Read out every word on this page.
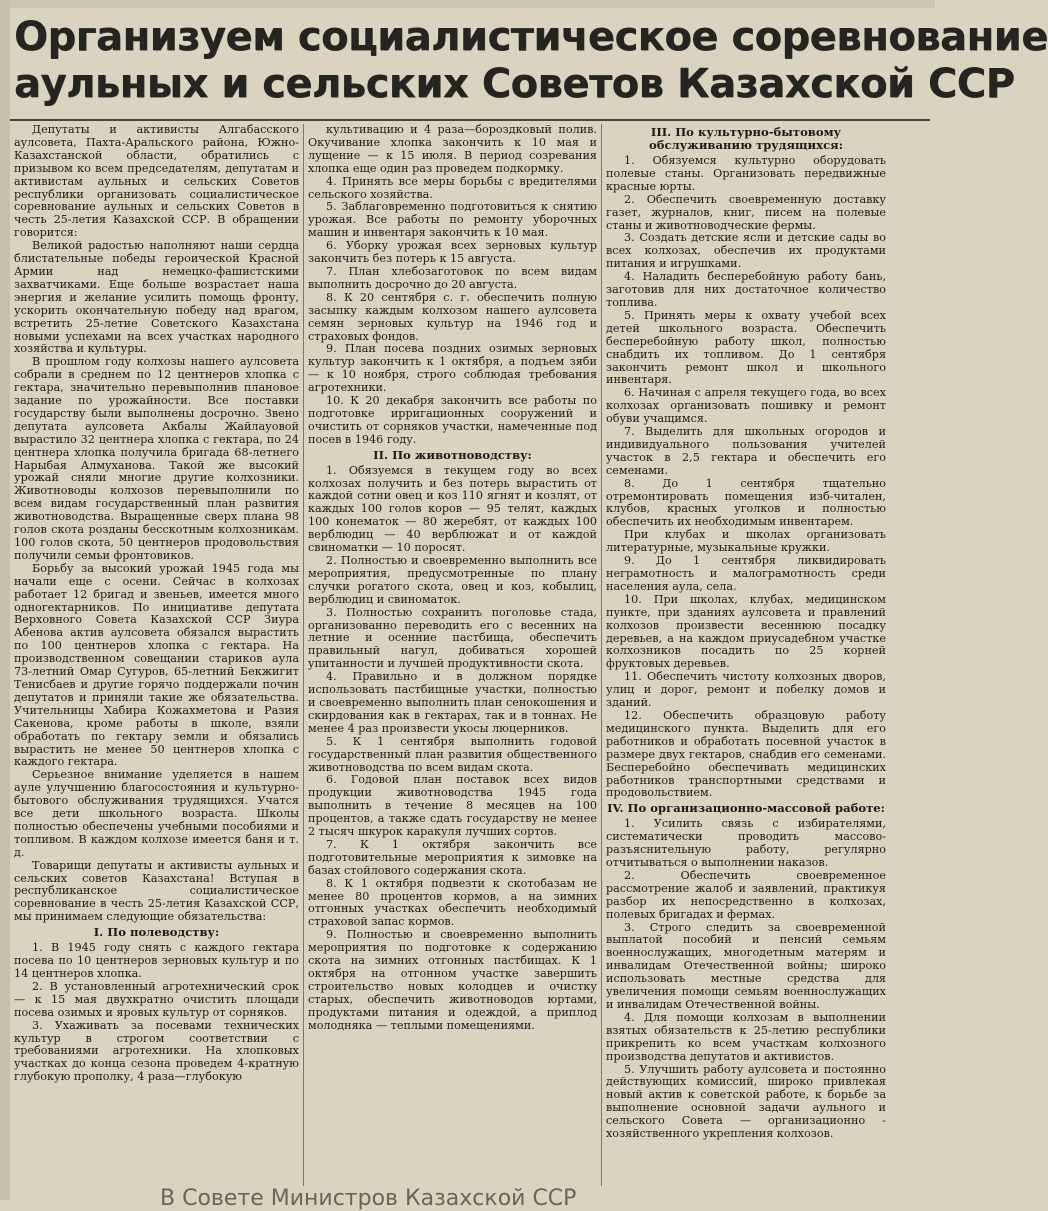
Организуем социалистическое соревнование
аульных и сельских Советов Казахской ССР

Депутаты и активисты Алгабасского аулсовета, Пахта-Аральского района, Южно-Казахстанской области, обратились с призывом ко всем председателям, депутатам и активистам аульных и сельских Советов республики организовать социалистическое соревнование аульных и сельских Советов в честь 25-летия Казахской ССР. В обращении говорится:

Великой радостью наполняют наши сердца блистательные победы героической Красной Армии над немецко-фашистскими захватчиками. Еще больше возрастает наша энергия и желание усилить помощь фронту, ускорить окончательную победу над врагом, встретить 25-летие Советского Казахстана новыми успехами на всех участках народного хозяйства и культуры.

В прошлом году колхозы нашего аулсовета собрали в среднем по 12 центнеров хлопка с гектара, значительно перевыполнив плановое задание по урожайности. Все поставки государству были выполнены досрочно. Звено депутата аулсовета Акбалы Жайлауовой вырастило 32 центнера хлопка с гектара, по 24 центнера хлопка получила бригада 68-летнего Нарыбая Алмуханова. Такой же высокий урожай сняли многие другие колхозники. Животноводы колхозов перевыполнили по всем видам государственный план развития животноводства. Выращенные сверх плана 98 голов скота розданы бесскотным колхозникам. 100 голов скота, 50 центнеров продовольствия получили семьи фронтовиков.

Борьбу за высокий урожай 1945 года мы начали еще с осени. Сейчас в колхозах работает 12 бригад и звеньев, имеется много одногектарников. По инициативе депутата Верховного Совета Казахской ССР Зиура Абенова актив аулсовета обязался вырастить по 100 центнеров хлопка с гектара. На производственном совещании стариков аула 73-летний Омар Сугуров, 65-летний Бекжигит Тенисбаев и другие горячо поддержали почин депутатов и приняли такие же обязательства. Учительницы Хабира Кожахметова и Разия Сакенова, кроме работы в школе, взяли обработать по гектару земли и обязались вырастить не менее 50 центнеров хлопка с каждого гектара.

Серьезное внимание уделяется в нашем ауле улучшению благосостояния и культурно-бытового обслуживания трудящихся. Учатся все дети школьного возраста. Школы полностью обеспечены учебными пособиями и топливом. В каждом колхозе имеется баня и т. д.

Товарищи депутаты и активисты аульных и сельских советов Казахстана! Вступая в республиканское социалистическое соревнование в честь 25-летия Казахской ССР, мы принимаем следующие обязательства:

I. По полеводству:

1. В 1945 году снять с каждого гектара посева по 10 центнеров зерновых культур и по 14 центнеров хлопка.

2. В установленный агротехнический срок — к 15 мая двухкратно очистить площади посева озимых и яровых культур от сорняков.

3. Ухаживать за посевами технических культур в строгом соответствии с требованиями агротехники. На хлопковых участках до конца сезона проведем 4-кратную глубокую прополку, 4 раза—глубокую

культивацию и 4 раза—бороздковый полив. Окучивание хлопка закончить к 10 мая и лущение — к 15 июля. В период созревания хлопка еще один раз проведем подкормку.

4. Принять все меры борьбы с вредителями сельского хозяйства.

5. Заблаговременно подготовиться к снятию урожая. Все работы по ремонту уборочных машин и инвентаря закончить к 10 мая.

6. Уборку урожая всех зерновых культур закончить без потерь к 15 августа.

7. План хлебозаготовок по всем видам выполнить досрочно до 20 августа.

8. К 20 сентября с. г. обеспечить полную засыпку каждым колхозом нашего аулсовета семян зерновых культур на 1946 год и страховых фондов.

9. План посева поздних озимых зерновых культур закончить к 1 октября, а подъем зяби — к 10 ноября, строго соблюдая требования агротехники.

10. К 20 декабря закончить все работы по подготовке ирригационных сооружений и очистить от сорняков участки, намеченные под посев в 1946 году.

II. По животноводству:

1. Обязуемся в текущем году во всех колхозах получить и без потерь вырастить от каждой сотни овец и коз 110 ягнят и козлят, от каждых 100 голов коров — 95 телят, каждых 100 конематок — 80 жеребят, от каждых 100 верблюдиц — 40 верблюжат и от каждой свиноматки — 10 поросят.

2. Полностью и своевременно выполнить все мероприятия, предусмотренные по плану случки рогатого скота, овец и коз, кобылиц, верблюдиц и свиноматок.

3. Полностью сохранить поголовье стада, организованно переводить его с весенних на летние и осенние пастбища, обеспечить правильный нагул, добиваться хорошей упитанности и лучшей продуктивности скота.

4. Правильно и в должном порядке использовать пастбищные участки, полностью и своевременно выполнить план сенокошения и скирдования как в гектарах, так и в тоннах. Не менее 4 раз произвести укосы люцерников.

5. К 1 сентября выполнить годовой государственный план развития общественного животноводства по всем видам скота.

6. Годовой план поставок всех видов продукции животноводства 1945 года выполнить в течение 8 месяцев на 100 процентов, а также сдать государству не менее 2 тысяч шкурок каракуля лучших сортов.

7. К 1 октября закончить все подготовительные мероприятия к зимовке на базах стойлового содержания скота.

8. К 1 октября подвезти к скотобазам не менее 80 процентов кормов, а на зимних отгонных участках обеспечить необходимый страховой запас кормов.

9. Полностью и своевременно выполнить мероприятия по подготовке к содержанию скота на зимних отгонных пастбищах. К 1 октября на отгонном участке завершить строительство новых колодцев и очистку старых, обеспечить животноводов юртами, продуктами питания и одеждой, а приплод молодняка — теплыми помещениями.

III. По культурно-бытовому обслуживанию трудящихся:

1. Обязуемся культурно оборудовать полевые станы. Организовать передвижные красные юрты.

2. Обеспечить своевременную доставку газет, журналов, книг, писем на полевые станы и животноводческие фермы.

3. Создать детские ясли и детские сады во всех колхозах, обеспечив их продуктами питания и игрушками.

4. Наладить бесперебойную работу бань, заготовив для них достаточное количество топлива.

5. Принять меры к охвату учебой всех детей школьного возраста. Обеспечить бесперебойную работу школ, полностью снабдить их топливом. До 1 сентября закончить ремонт школ и школьного инвентаря.

6. Начиная с апреля текущего года, во всех колхозах организовать пошивку и ремонт обуви учащимся.

7. Выделить для школьных огородов и индивидуального пользования учителей участок в 2,5 гектара и обеспечить его семенами.

8. До 1 сентября тщательно отремонтировать помещения изб-читален, клубов, красных уголков и полностью обеспечить их необходимым инвентарем.

При клубах и школах организовать литературные, музыкальные кружки.

9. До 1 сентября ликвидировать неграмотность и малограмотность среди населения аула, села.

10. При школах, клубах, медицинском пункте, при зданиях аулсовета и правлений колхозов произвести весеннюю посадку деревьев, а на каждом приусадебном участке колхозников посадить по 25 корней фруктовых деревьев.

11. Обеспечить чистоту колхозных дворов, улиц и дорог, ремонт и побелку домов и зданий.

12. Обеспечить образцовую работу медицинского пункта. Выделить для его работников и обработать посевной участок в размере двух гектаров, снабдив его семенами. Бесперебойно обеспечивать медицинских работников транспортными средствами и продовольствием.

IV. По организационно-массовой работе:

1. Усилить связь с избирателями, систематически проводить массово-разъяснительную работу, регулярно отчитываться о выполнении наказов.

2. Обеспечить своевременное рассмотрение жалоб и заявлений, практикуя разбор их непосредственно в колхозах, полевых бригадах и фермах.

3. Строго следить за своевременной выплатой пособий и пенсий семьям военнослужащих, многодетным матерям и инвалидам Отечественной войны; широко использовать местные средства для увеличения помощи семьям военнослужащих и инвалидам Отечественной войны.

4. Для помощи колхозам в выполнении взятых обязательств к 25-летию республики прикрепить ко всем участкам колхозного производства депутатов и активистов.

5. Улучшить работу аулсовета и постоянно действующих комиссий, широко привлекая новый актив к советской работе, к борьбе за выполнение основной задачи аульного и сельского Совета — организационно - хозяйственного укрепления колхозов.

В Совете Министров Казахской ССР
